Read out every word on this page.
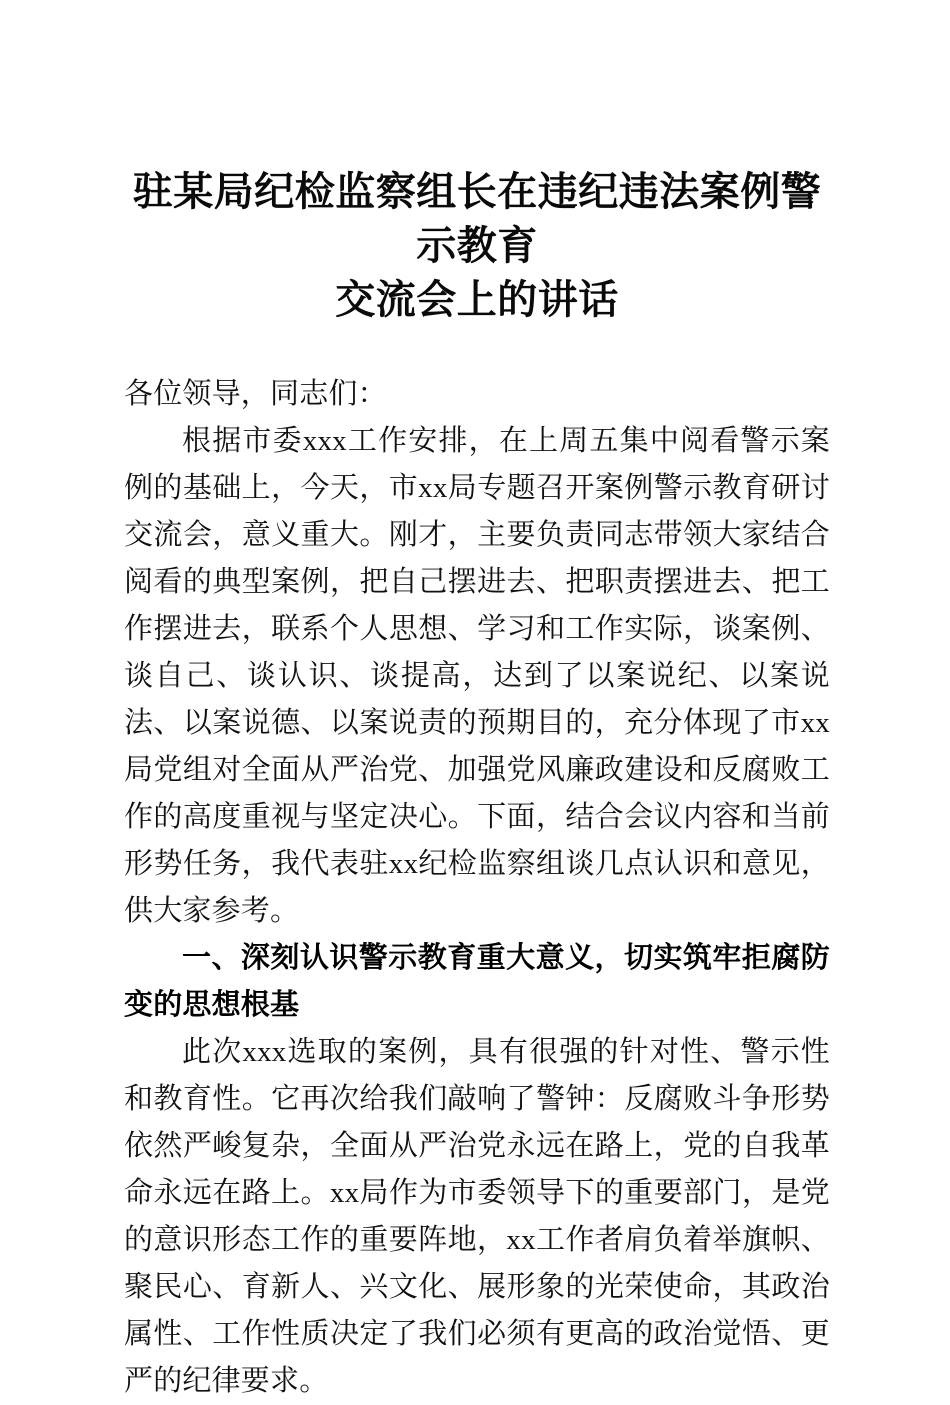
驻某局纪检监察组长在违纪违法案例警示教育
交流会上的讲话

各位领导，同志们：

根据市委xxx工作安排，在上周五集中阅看警示案例的基础上，今天，市xx局专题召开案例警示教育研讨交流会，意义重大。刚才，主要负责同志带领大家结合阅看的典型案例，把自己摆进去、把职责摆进去、把工作摆进去，联系个人思想、学习和工作实际，谈案例、谈自己、谈认识、谈提高，达到了以案说纪、以案说法、以案说德、以案说责的预期目的，充分体现了市xx局党组对全面从严治党、加强党风廉政建设和反腐败工作的高度重视与坚定决心。下面，结合会议内容和当前形势任务，我代表驻xx纪检监察组谈几点认识和意见，供大家参考。

一、深刻认识警示教育重大意义，切实筑牢拒腐防变的思想根基

此次xxx选取的案例，具有很强的针对性、警示性和教育性。它再次给我们敲响了警钟：反腐败斗争形势依然严峻复杂，全面从严治党永远在路上，党的自我革命永远在路上。xx局作为市委领导下的重要部门，是党的意识形态工作的重要阵地，xx工作者肩负着举旗帜、聚民心、育新人、兴文化、展形象的光荣使命，其政治属性、工作性质决定了我们必须有更高的政治觉悟、更严的纪律要求。
